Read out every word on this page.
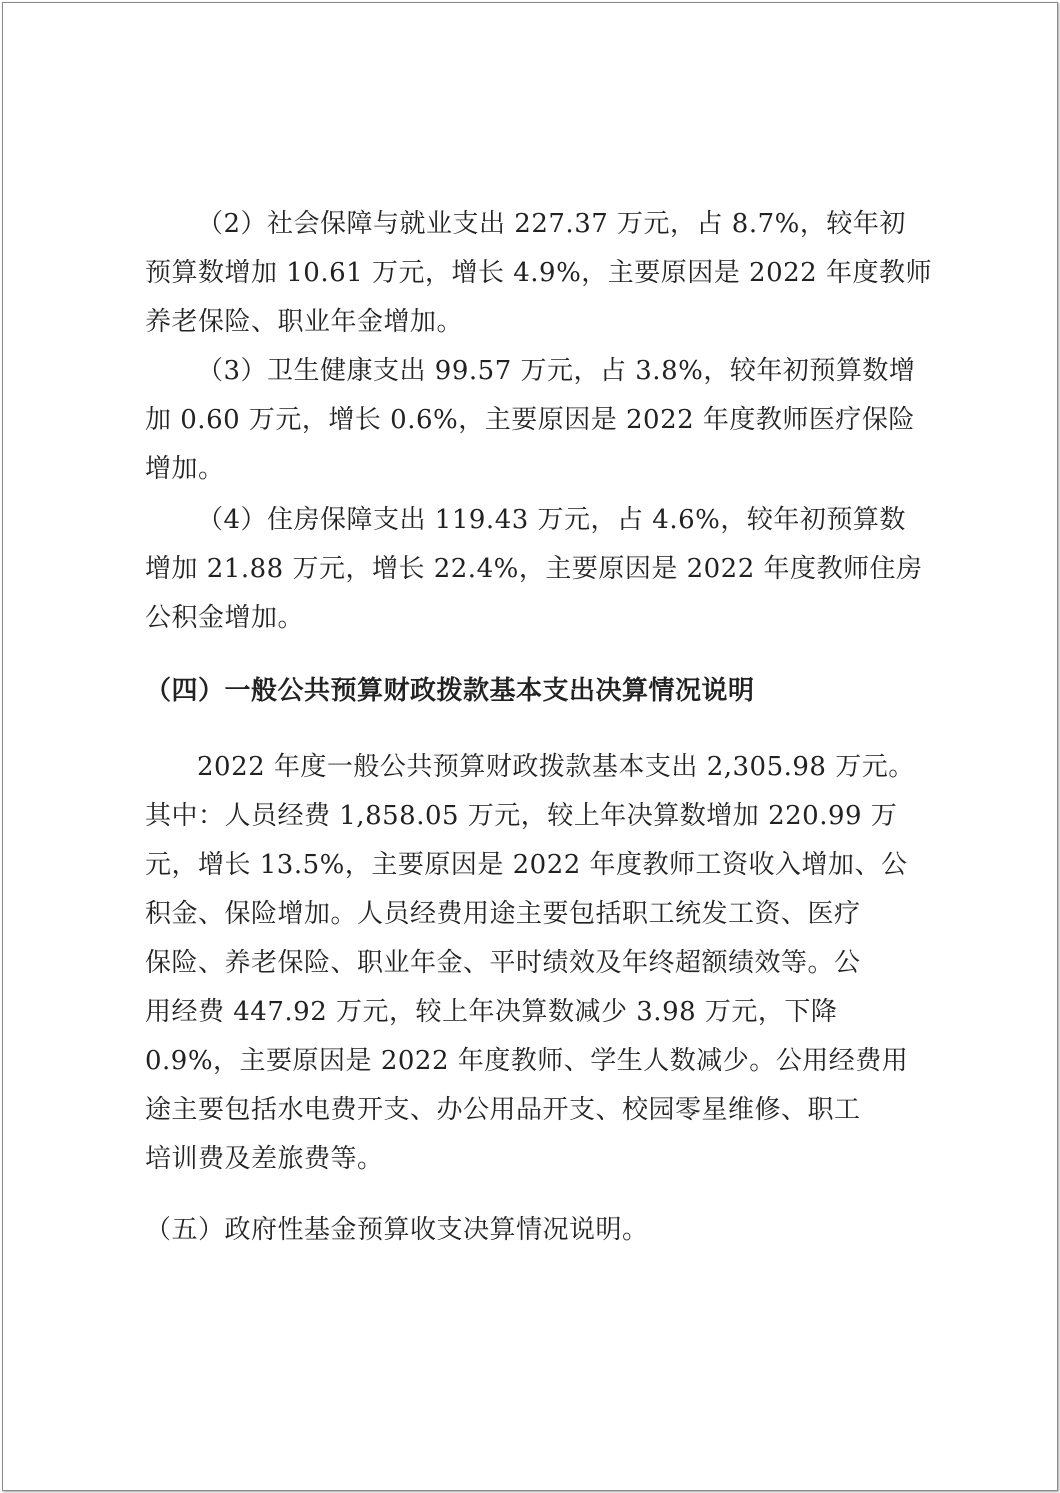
（2）社会保障与就业支出 227.37 万元，占 8.7%，较年初
预算数增加 10.61 万元，增长 4.9%，主要原因是 2022 年度教师
养老保险、职业年金增加。
（3）卫生健康支出 99.57 万元，占 3.8%，较年初预算数增
加 0.60 万元，增长 0.6%，主要原因是 2022 年度教师医疗保险
增加。
（4）住房保障支出 119.43 万元，占 4.6%，较年初预算数
增加 21.88 万元，增长 22.4%，主要原因是 2022 年度教师住房
公积金增加。
（四）一般公共预算财政拨款基本支出决算情况说明
2022 年度一般公共预算财政拨款基本支出 2,305.98 万元。
其中：人员经费 1,858.05 万元，较上年决算数增加 220.99 万
元，增长 13.5%，主要原因是 2022 年度教师工资收入增加、公
积金、保险增加。人员经费用途主要包括职工统发工资、医疗
保险、养老保险、职业年金、平时绩效及年终超额绩效等。公
用经费 447.92 万元，较上年决算数减少 3.98 万元，下降
0.9%，主要原因是 2022 年度教师、学生人数减少。公用经费用
途主要包括水电费开支、办公用品开支、校园零星维修、职工
培训费及差旅费等。
（五）政府性基金预算收支决算情况说明。
